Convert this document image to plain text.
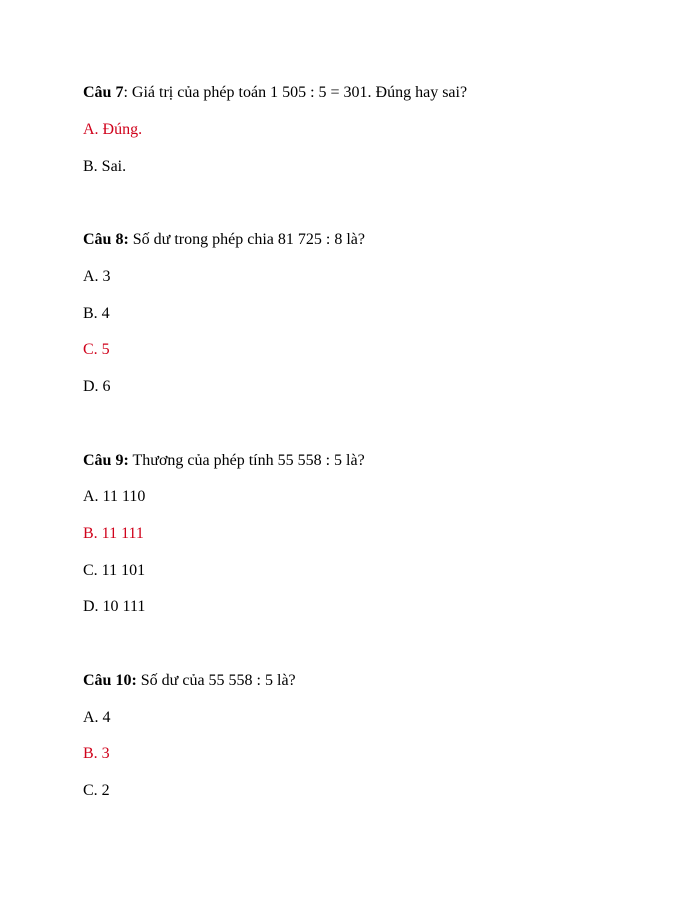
Câu 7: Giá trị của phép toán 1 505 : 5 = 301. Đúng hay sai?
A. Đúng.
B. Sai.
Câu 8: Số dư trong phép chia 81 725 : 8 là?
A. 3
B. 4
C. 5
D. 6
Câu 9: Thương của phép tính 55 558 : 5 là?
A. 11 110
B. 11 111
C. 11 101
D. 10 111
Câu 10: Số dư của 55 558 : 5 là?
A. 4
B. 3
C. 2
